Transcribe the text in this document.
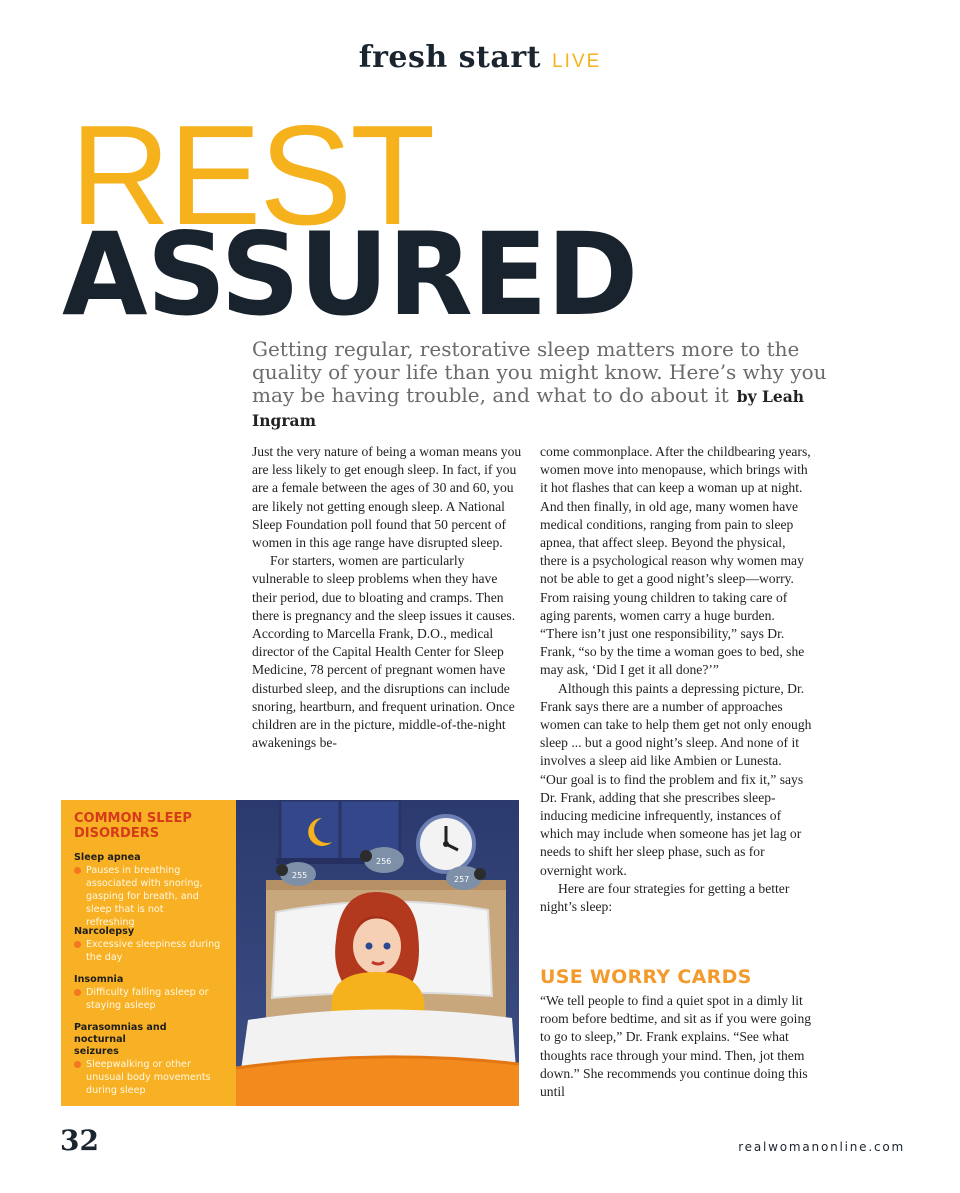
fresh start LIVE
REST
ASSURED
Getting regular, restorative sleep matters more to the quality of your life than you might know. Here’s why you may be having trouble, and what to do about it by Leah Ingram

Just the very nature of being a woman means you are less likely to get enough sleep. In fact, if you are a female between the ages of 30 and 60, you are likely not getting enough sleep. A National Sleep Foundation poll found that 50 percent of women in this age range have disrupted sleep.

For starters, women are particularly vulnerable to sleep problems when they have their period, due to bloating and cramps. Then there is pregnancy and the sleep issues it causes. According to Marcella Frank, D.O., medical director of the Capital Health Center for Sleep Medicine, 78 percent of pregnant women have disturbed sleep, and the disruptions can include snoring, heartburn, and frequent urination. Once children are in the picture, middle-of-the-night awakenings be-

come commonplace. After the childbearing years, women move into menopause, which brings with it hot flashes that can keep a woman up at night. And then finally, in old age, many women have medical conditions, ranging from pain to sleep apnea, that affect sleep. Beyond the physical, there is a psychological reason why women may not be able to get a good night’s sleep—worry. From raising young children to taking care of aging parents, women carry a huge burden. “There isn’t just one responsibility,” says Dr. Frank, “so by the time a woman goes to bed, she may ask, ‘Did I get it all done?’”

Although this paints a depressing picture, Dr. Frank says there are a number of approaches women can take to help them get not only enough sleep ... but a good night’s sleep. And none of it involves a sleep aid like Ambien or Lunesta. “Our goal is to find the problem and fix it,” says Dr. Frank, adding that she prescribes sleep-inducing medicine infrequently, instances of which may include when someone has jet lag or needs to shift her sleep phase, such as for overnight work.

Here are four strategies for getting a better night’s sleep:

USE WORRY CARDS

“We tell people to find a quiet spot in a dimly lit room before bedtime, and sit as if you were going to go to sleep,” Dr. Frank explains. “See what thoughts race through your mind. Then, jot them down.” She recommends you continue doing this until

COMMON SLEEP DISORDERS
Sleep apnea
Pauses in breathing associated with snoring, gasping for breath, and sleep that is not refreshing
Narcolepsy
Excessive sleepiness during the day
Insomnia
Difficulty falling asleep or staying asleep
Parasomnias and nocturnal seizures
Sleepwalking or other unusual body movements during sleep
255
256
257
32	realwomanonline.com
